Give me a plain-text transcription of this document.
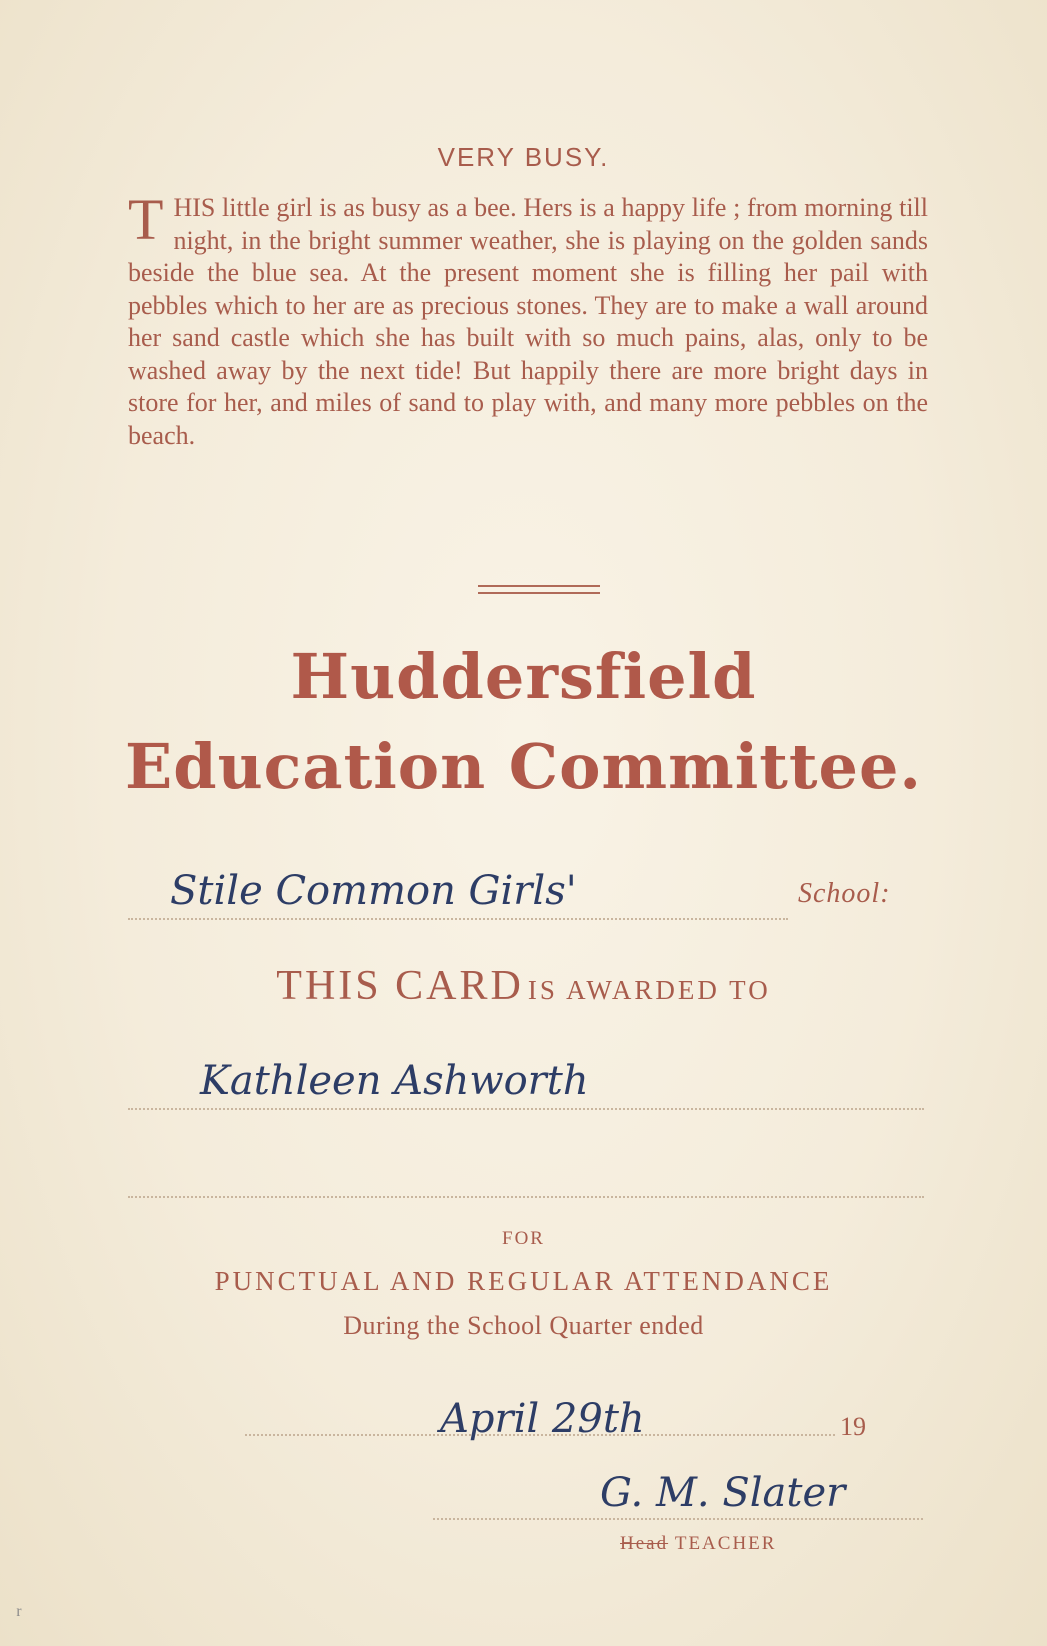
VERY BUSY.
THIS little girl is as busy as a bee. Hers is a happy life ; from morning till night, in the bright summer weather, she is playing on the golden sands beside the blue sea. At the present moment she is filling her pail with pebbles which to her are as precious stones. They are to make a wall around her sand castle which she has built with so much pains, alas, only to be washed away by the next tide! But happily there are more bright days in store for her, and miles of sand to play with, and many more pebbles on the beach.
Huddersfield
Education Committee.
Stile Common Girls'	School:
THIS CARD IS AWARDED TO
Kathleen Ashworth
FOR
PUNCTUAL AND REGULAR ATTENDANCE
During the School Quarter ended
April 29th	19
G. M. Slater
Head TEACHER
ʳ
